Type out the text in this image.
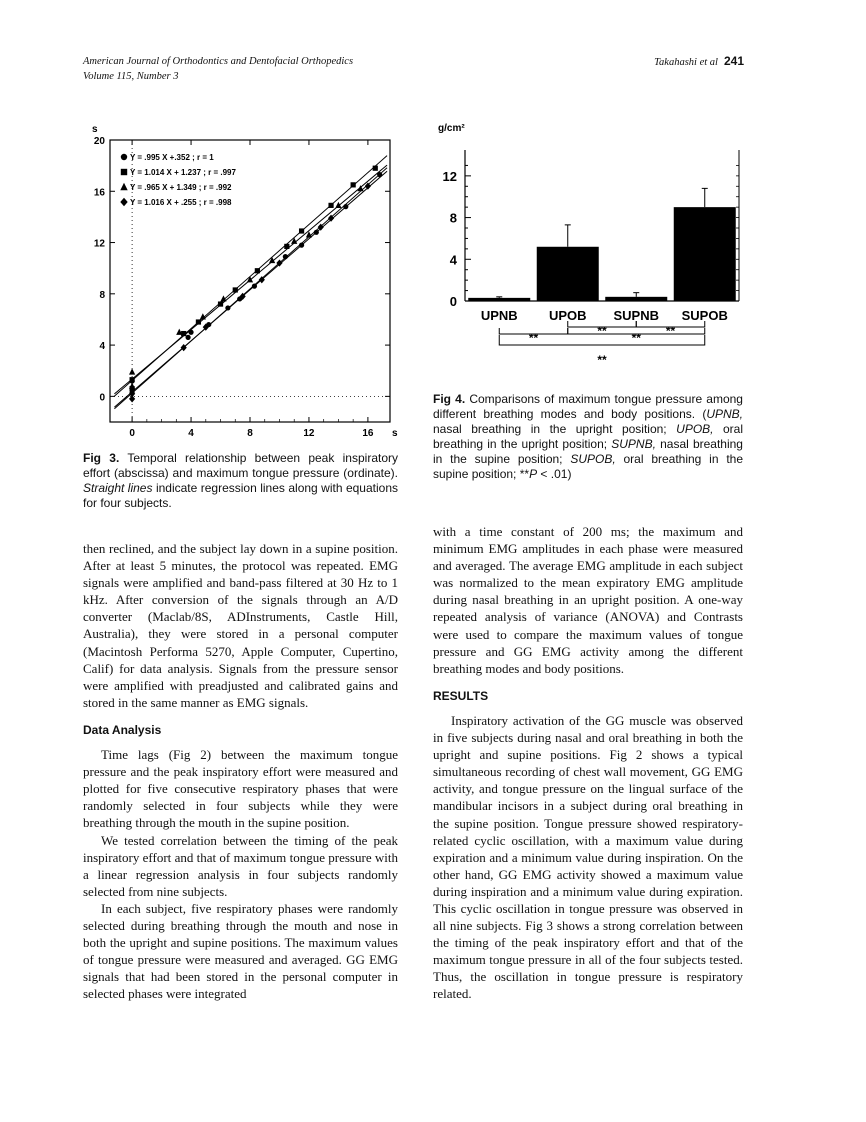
American Journal of Orthodontics and Dentofacial Orthopedics
Volume 115, Number 3
Takahashi et al 241
0
4
8
12
16
20
0	4	8	12	16
s
s
Y = .995 X +.352 ; r = 1
Y = 1.014 X + 1.237 ; r = .997
Y = .965 X + 1.349 ; r = .992
Y = 1.016 X + .255 ; r = .998
Fig 3. Temporal relationship between peak inspiratory effort (abscissa) and maximum tongue pressure (ordinate). Straight lines indicate regression lines along with equations for four subjects.
0
4
8
12
g/cm²
UPNB UPOB SUPNB SUPOB
**	**	**
**
**
Fig 4. Comparisons of maximum tongue pressure among different breathing modes and body positions. (UPNB, nasal breathing in the upright position; UPOB, oral breathing in the upright position; SUPNB, nasal breathing in the supine position; SUPOB, oral breathing in the supine position; **P < .01)

then reclined, and the subject lay down in a supine position. After at least 5 minutes, the protocol was repeated. EMG signals were amplified and band-pass filtered at 30 Hz to 1 kHz. After conversion of the signals through an A/D converter (Maclab/8S, ADInstruments, Castle Hill, Australia), they were stored in a personal computer (Macintosh Performa 5270, Apple Computer, Cupertino, Calif) for data analysis. Signals from the pressure sensor were amplified with preadjusted and calibrated gains and stored in the same manner as EMG signals.

Data Analysis

Time lags (Fig 2) between the maximum tongue pressure and the peak inspiratory effort were measured and plotted for five consecutive respiratory phases that were randomly selected in four subjects while they were breathing through the mouth in the supine position.

We tested correlation between the timing of the peak inspiratory effort and that of maximum tongue pressure with a linear regression analysis in four subjects randomly selected from nine subjects.

In each subject, five respiratory phases were randomly selected during breathing through the mouth and nose in both the upright and supine positions. The maximum values of tongue pressure were measured and averaged. GG EMG signals that had been stored in the personal computer in selected phases were integrated

with a time constant of 200 ms; the maximum and minimum EMG amplitudes in each phase were measured and averaged. The average EMG amplitude in each subject was normalized to the mean expiratory EMG amplitude during nasal breathing in an upright position. A one-way repeated analysis of variance (ANOVA) and Contrasts were used to compare the maximum values of tongue pressure and GG EMG activity among the different breathing modes and body positions.

RESULTS

Inspiratory activation of the GG muscle was observed in five subjects during nasal and oral breathing in both the upright and supine positions. Fig 2 shows a typical simultaneous recording of chest wall movement, GG EMG activity, and tongue pressure on the lingual surface of the mandibular incisors in a subject during oral breathing in the supine position. Tongue pressure showed respiratory-related cyclic oscillation, with a maximum value during expiration and a minimum value during inspiration. On the other hand, GG EMG activity showed a maximum value during inspiration and a minimum value during expiration. This cyclic oscillation in tongue pressure was observed in all nine subjects. Fig 3 shows a strong correlation between the timing of the peak inspiratory effort and that of the maximum tongue pressure in all of the four subjects tested. Thus, the oscillation in tongue pressure is respiratory related.
